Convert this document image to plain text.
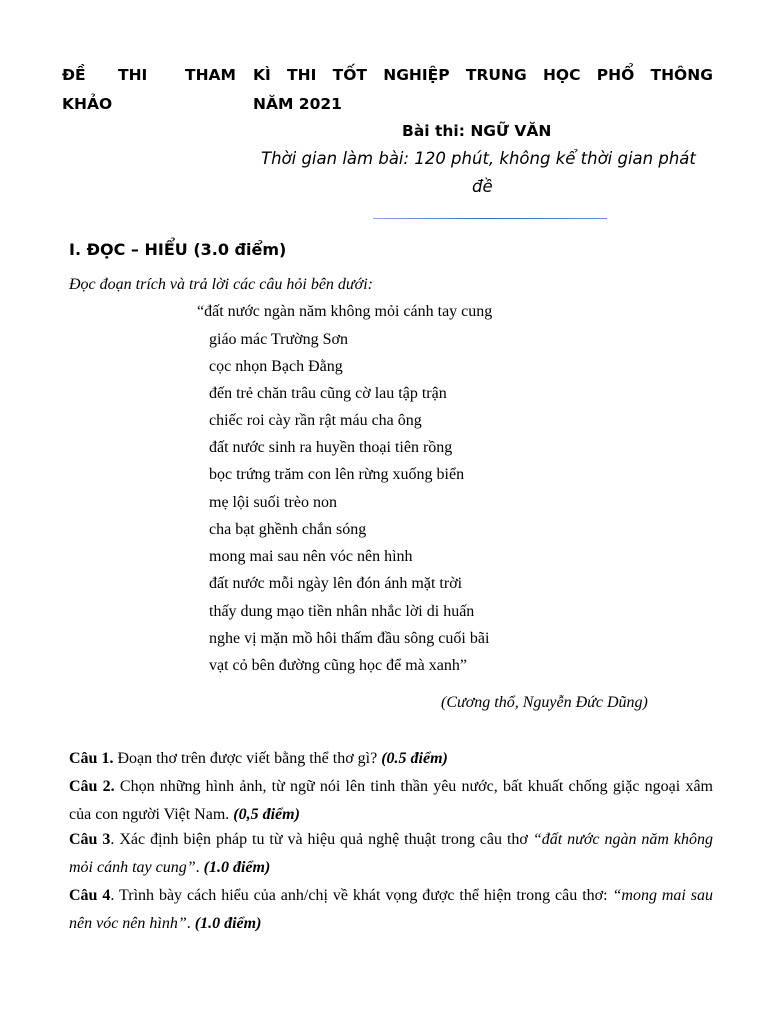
ĐỀ THI THAM
KHẢO
KÌ THI TỐT NGHIỆP TRUNG HỌC PHỔ THÔNG
NĂM 2021
Bài thi: NGỮ VĂN
Thời gian làm bài: 120 phút, không kể thời gian phát
đề
I. ĐỌC – HIỂU (3.0 điểm)
Đọc đoạn trích và trả lời các câu hỏi bên dưới:
“đất nước ngàn năm không mỏi cánh tay cung
giáo mác Trường Sơn
cọc nhọn Bạch Đằng
đến trẻ chăn trâu cũng cờ lau tập trận
chiếc roi cày rần rật máu cha ông
đất nước sinh ra huyền thoại tiên rồng
bọc trứng trăm con lên rừng xuống biển
mẹ lội suối trèo non
cha bạt ghềnh chắn sóng
mong mai sau nên vóc nên hình
đất nước mỗi ngày lên đón ánh mặt trời
thấy dung mạo tiền nhân nhắc lời di huấn
nghe vị mặn mồ hôi thấm đầu sông cuối bãi
vạt cỏ bên đường cũng học để mà xanh”
(Cương thổ, Nguyễn Đức Dũng)
Câu 1. Đoạn thơ trên được viết bằng thể thơ gì? (0.5 điểm)
Câu 2. Chọn những hình ảnh, từ ngữ nói lên tinh thần yêu nước, bất khuất chống giặc ngoại xâm của con người Việt Nam. (0,5 điểm)
Câu 3. Xác định biện pháp tu từ và hiệu quả nghệ thuật trong câu thơ “đất nước ngàn năm không mỏi cánh tay cung”. (1.0 điểm)
Câu 4. Trình bày cách hiểu của anh/chị về khát vọng được thể hiện trong câu thơ: “mong mai sau nên vóc nên hình”. (1.0 điểm)
